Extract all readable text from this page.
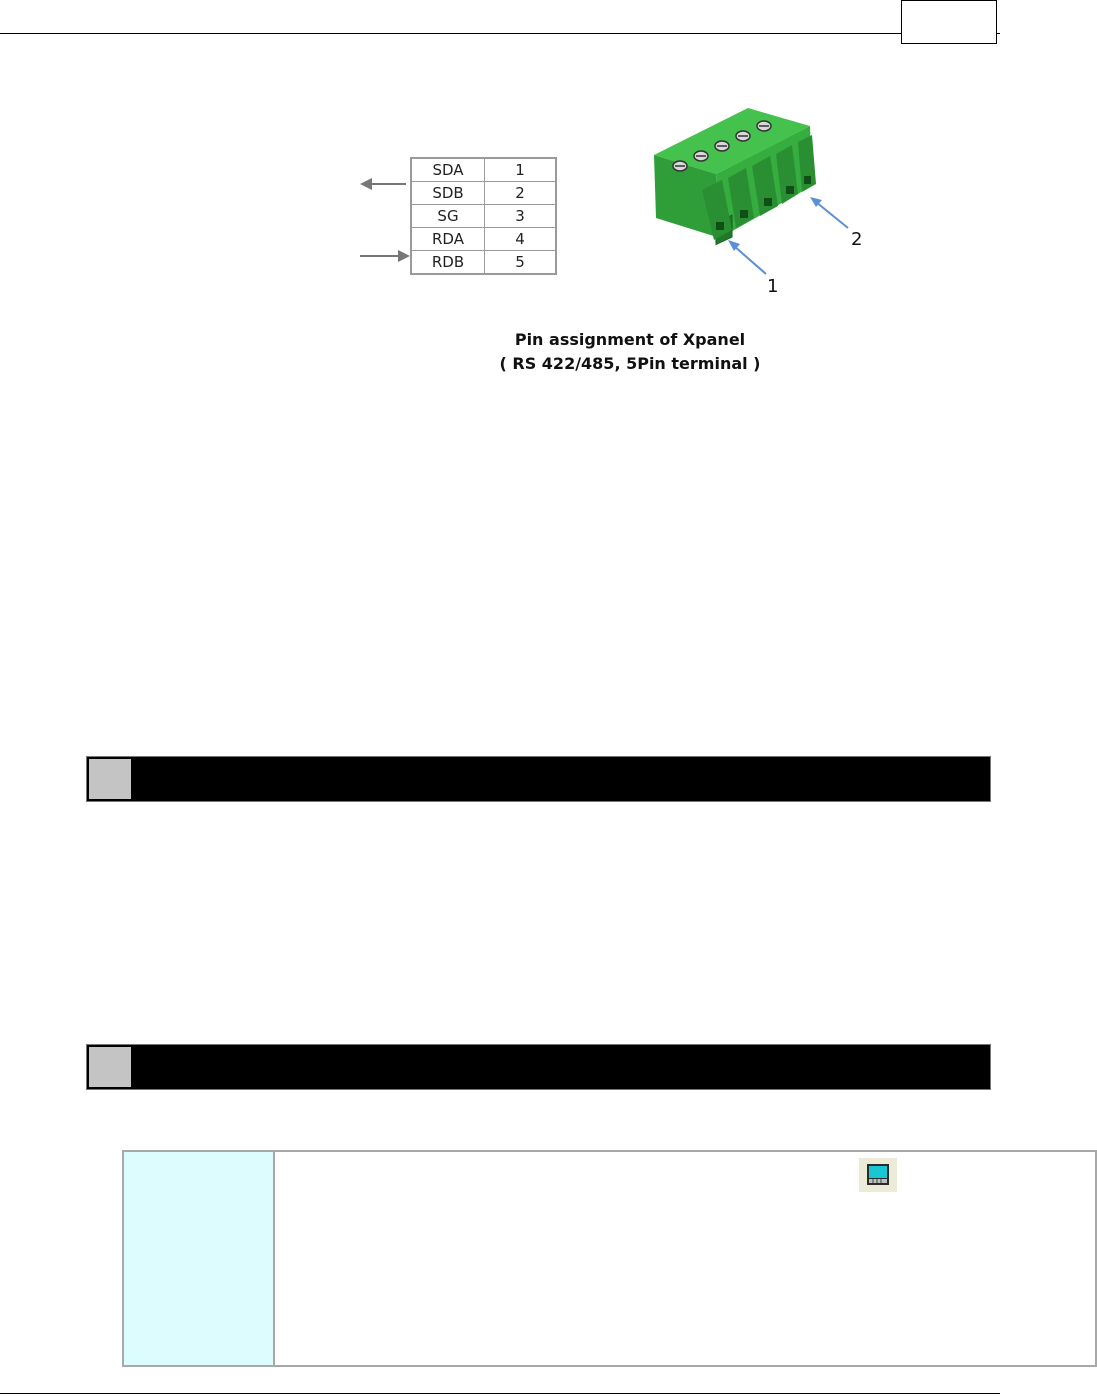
SDA	1
SDB	2
SG	3
RDA	4
RDB	5
1
2
Pin assignment of Xpanel
( RS 422/485, 5Pin terminal )
